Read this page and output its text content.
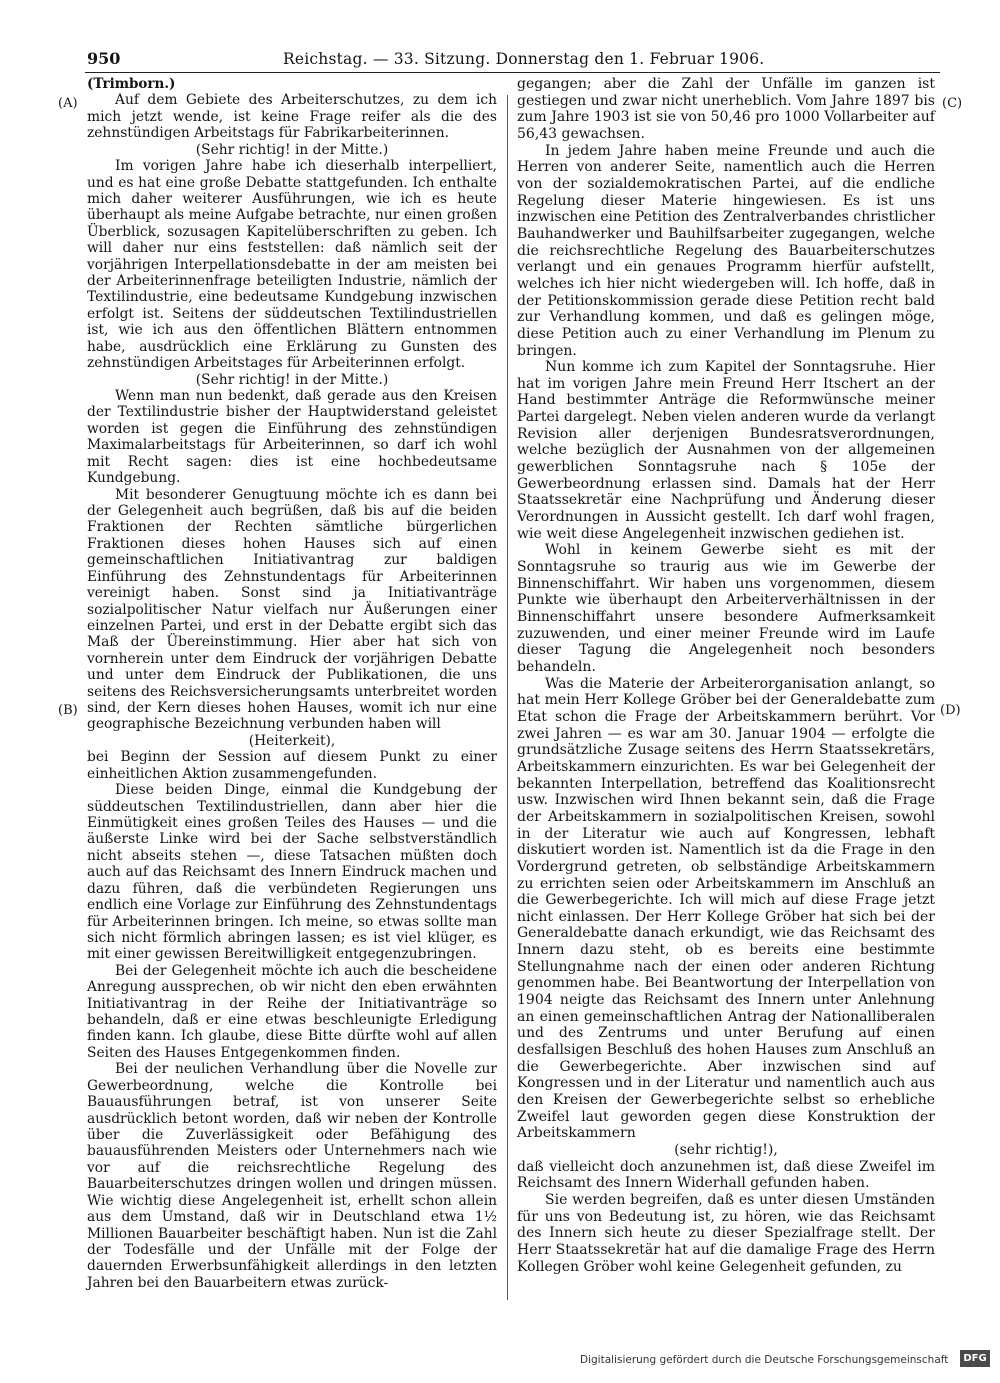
950	Reichstag. — 33. Sitzung. Donnerstag den 1. Februar 1906.
(A)
(B)
(C)
(D)

(Trimborn.)

Auf dem Gebiete des Arbeiterschutzes, zu dem ich mich jetzt wende, ist keine Frage reifer als die des zehnstündigen Arbeitstags für Fabrikarbeiterinnen.

(Sehr richtig! in der Mitte.)

Im vorigen Jahre habe ich dieserhalb interpelliert, und es hat eine große Debatte stattgefunden. Ich enthalte mich daher weiterer Ausführungen, wie ich es heute überhaupt als meine Aufgabe betrachte, nur einen großen Überblick, sozusagen Kapitelüberschriften zu geben. Ich will daher nur eins feststellen: daß nämlich seit der vorjährigen Interpellationsdebatte in der am meisten bei der Arbeiterinnenfrage beteiligten Industrie, nämlich der Textilindustrie, eine bedeutsame Kundgebung inzwischen erfolgt ist. Seitens der süddeutschen Textilindustriellen ist, wie ich aus den öffentlichen Blättern entnommen habe, ausdrücklich eine Erklärung zu Gunsten des zehnstündigen Arbeitstages für Arbeiterinnen erfolgt.

(Sehr richtig! in der Mitte.)

Wenn man nun bedenkt, daß gerade aus den Kreisen der Textilindustrie bisher der Hauptwiderstand geleistet worden ist gegen die Einführung des zehnstündigen Maximalarbeitstags für Arbeiterinnen, so darf ich wohl mit Recht sagen: dies ist eine hochbedeutsame Kundgebung.

Mit besonderer Genugtuung möchte ich es dann bei der Gelegenheit auch begrüßen, daß bis auf die beiden Fraktionen der Rechten sämtliche bürgerlichen Fraktionen dieses hohen Hauses sich auf einen gemeinschaftlichen Initiativantrag zur baldigen Einführung des Zehnstundentags für Arbeiterinnen vereinigt haben. Sonst sind ja Initiativanträge sozialpolitischer Natur vielfach nur Äußerungen einer einzelnen Partei, und erst in der Debatte ergibt sich das Maß der Übereinstimmung. Hier aber hat sich von vornherein unter dem Eindruck der vorjährigen Debatte und unter dem Eindruck der Publikationen, die uns seitens des Reichsversicherungsamts unterbreitet worden sind, der Kern dieses hohen Hauses, womit ich nur eine geographische Bezeichnung verbunden haben will

(Heiterkeit),

bei Beginn der Session auf diesem Punkt zu einer einheitlichen Aktion zusammengefunden.

Diese beiden Dinge, einmal die Kundgebung der süddeutschen Textilindustriellen, dann aber hier die Einmütigkeit eines großen Teiles des Hauses — und die äußerste Linke wird bei der Sache selbstverständlich nicht abseits stehen —, diese Tatsachen müßten doch auch auf das Reichsamt des Innern Eindruck machen und dazu führen, daß die verbündeten Regierungen uns endlich eine Vorlage zur Einführung des Zehnstundentags für Arbeiterinnen bringen. Ich meine, so etwas sollte man sich nicht förmlich abringen lassen; es ist viel klüger, es mit einer gewissen Bereitwilligkeit entgegenzubringen.

Bei der Gelegenheit möchte ich auch die bescheidene Anregung aussprechen, ob wir nicht den eben erwähnten Initiativantrag in der Reihe der Initiativanträge so behandeln, daß er eine etwas beschleunigte Erledigung finden kann. Ich glaube, diese Bitte dürfte wohl auf allen Seiten des Hauses Entgegenkommen finden.

Bei der neulichen Verhandlung über die Novelle zur Gewerbeordnung, welche die Kontrolle bei Bauausführungen betraf, ist von unserer Seite ausdrücklich betont worden, daß wir neben der Kontrolle über die Zuverlässigkeit oder Befähigung des bauausführenden Meisters oder Unternehmers nach wie vor auf die reichsrechtliche Regelung des Bauarbeiterschutzes dringen wollen und dringen müssen. Wie wichtig diese Angelegenheit ist, erhellt schon allein aus dem Umstand, daß wir in Deutschland etwa 1½ Millionen Bauarbeiter beschäftigt haben. Nun ist die Zahl der Todesfälle und der Unfälle mit der Folge der dauernden Erwerbsunfähigkeit allerdings in den letzten Jahren bei den Bauarbeitern etwas zurück-

gegangen; aber die Zahl der Unfälle im ganzen ist gestiegen und zwar nicht unerheblich. Vom Jahre 1897 bis zum Jahre 1903 ist sie von 50,46 pro 1000 Vollarbeiter auf 56,43 gewachsen.

In jedem Jahre haben meine Freunde und auch die Herren von anderer Seite, namentlich auch die Herren von der sozialdemokratischen Partei, auf die endliche Regelung dieser Materie hingewiesen. Es ist uns inzwischen eine Petition des Zentralverbandes christlicher Bauhandwerker und Bauhilfsarbeiter zugegangen, welche die reichsrechtliche Regelung des Bauarbeiterschutzes verlangt und ein genaues Programm hierfür aufstellt, welches ich hier nicht wiedergeben will. Ich hoffe, daß in der Petitionskommission gerade diese Petition recht bald zur Verhandlung kommen, und daß es gelingen möge, diese Petition auch zu einer Verhandlung im Plenum zu bringen.

Nun komme ich zum Kapitel der Sonntagsruhe. Hier hat im vorigen Jahre mein Freund Herr Itschert an der Hand bestimmter Anträge die Reformwünsche meiner Partei dargelegt. Neben vielen anderen wurde da verlangt Revision aller derjenigen Bundesratsverordnungen, welche bezüglich der Ausnahmen von der allgemeinen gewerblichen Sonntagsruhe nach § 105e der Gewerbeordnung erlassen sind. Damals hat der Herr Staatssekretär eine Nachprüfung und Änderung dieser Verordnungen in Aussicht gestellt. Ich darf wohl fragen, wie weit diese Angelegenheit inzwischen gediehen ist.

Wohl in keinem Gewerbe sieht es mit der Sonntagsruhe so traurig aus wie im Gewerbe der Binnenschiffahrt. Wir haben uns vorgenommen, diesem Punkte wie überhaupt den Arbeiterverhältnissen in der Binnenschiffahrt unsere besondere Aufmerksamkeit zuzuwenden, und einer meiner Freunde wird im Laufe dieser Tagung die Angelegenheit noch besonders behandeln.

Was die Materie der Arbeiterorganisation anlangt, so hat mein Herr Kollege Gröber bei der Generaldebatte zum Etat schon die Frage der Arbeitskammern berührt. Vor zwei Jahren — es war am 30. Januar 1904 — erfolgte die grundsätzliche Zusage seitens des Herrn Staatssekretärs, Arbeitskammern einzurichten. Es war bei Gelegenheit der bekannten Interpellation, betreffend das Koalitionsrecht usw. Inzwischen wird Ihnen bekannt sein, daß die Frage der Arbeitskammern in sozialpolitischen Kreisen, sowohl in der Literatur wie auch auf Kongressen, lebhaft diskutiert worden ist. Namentlich ist da die Frage in den Vordergrund getreten, ob selbständige Arbeitskammern zu errichten seien oder Arbeitskammern im Anschluß an die Gewerbegerichte. Ich will mich auf diese Frage jetzt nicht einlassen. Der Herr Kollege Gröber hat sich bei der Generaldebatte danach erkundigt, wie das Reichsamt des Innern dazu steht, ob es bereits eine bestimmte Stellungnahme nach der einen oder anderen Richtung genommen habe. Bei Beantwortung der Interpellation von 1904 neigte das Reichsamt des Innern unter Anlehnung an einen gemeinschaftlichen Antrag der Nationalliberalen und des Zentrums und unter Berufung auf einen desfallsigen Beschluß des hohen Hauses zum Anschluß an die Gewerbegerichte. Aber inzwischen sind auf Kongressen und in der Literatur und namentlich auch aus den Kreisen der Gewerbegerichte selbst so erhebliche Zweifel laut geworden gegen diese Konstruktion der Arbeitskammern

(sehr richtig!),

daß vielleicht doch anzunehmen ist, daß diese Zweifel im Reichsamt des Innern Widerhall gefunden haben.

Sie werden begreifen, daß es unter diesen Umständen für uns von Bedeutung ist, zu hören, wie das Reichsamt des Innern sich heute zu dieser Spezialfrage stellt. Der Herr Staatssekretär hat auf die damalige Frage des Herrn Kollegen Gröber wohl keine Gelegenheit gefunden, zu

Digitalisierung gefördert durch die Deutsche Forschungsgemeinschaft	DFG
